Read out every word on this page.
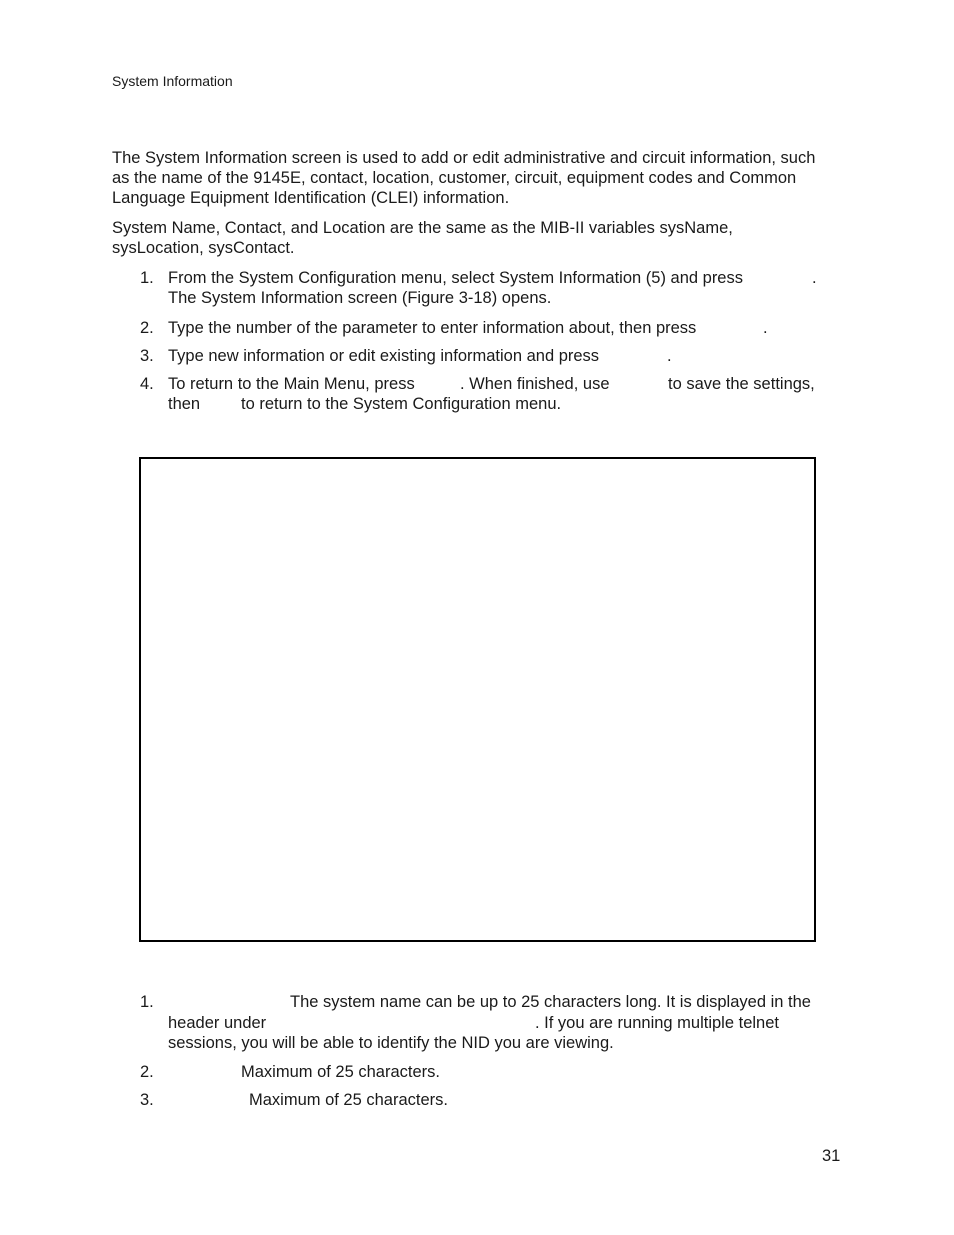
System Information
The System Information screen is used to add or edit administrative and circuit information, such
as the name of the 9145E, contact, location, customer, circuit, equipment codes and Common
Language Equipment Identification (CLEI) information.
System Name, Contact, and Location are the same as the MIB-II variables sysName,
sysLocation, sysContact.
1. From the System Configuration menu, select System Information (5) and press	.
The System Information screen (Figure 3-18) opens.
2. Type the number of the parameter to enter information about, then press	.
3. Type new information or edit existing information and press	.
4. To return to the Main Menu, press	. When finished, use	to save the settings,
then to return to the System Configuration menu.
1.	The system name can be up to 25 characters long. It is displayed in the
header under	. If you are running multiple telnet
sessions, you will be able to identify the NID you are viewing.
2.	Maximum of 25 characters.
3.	Maximum of 25 characters.
31
